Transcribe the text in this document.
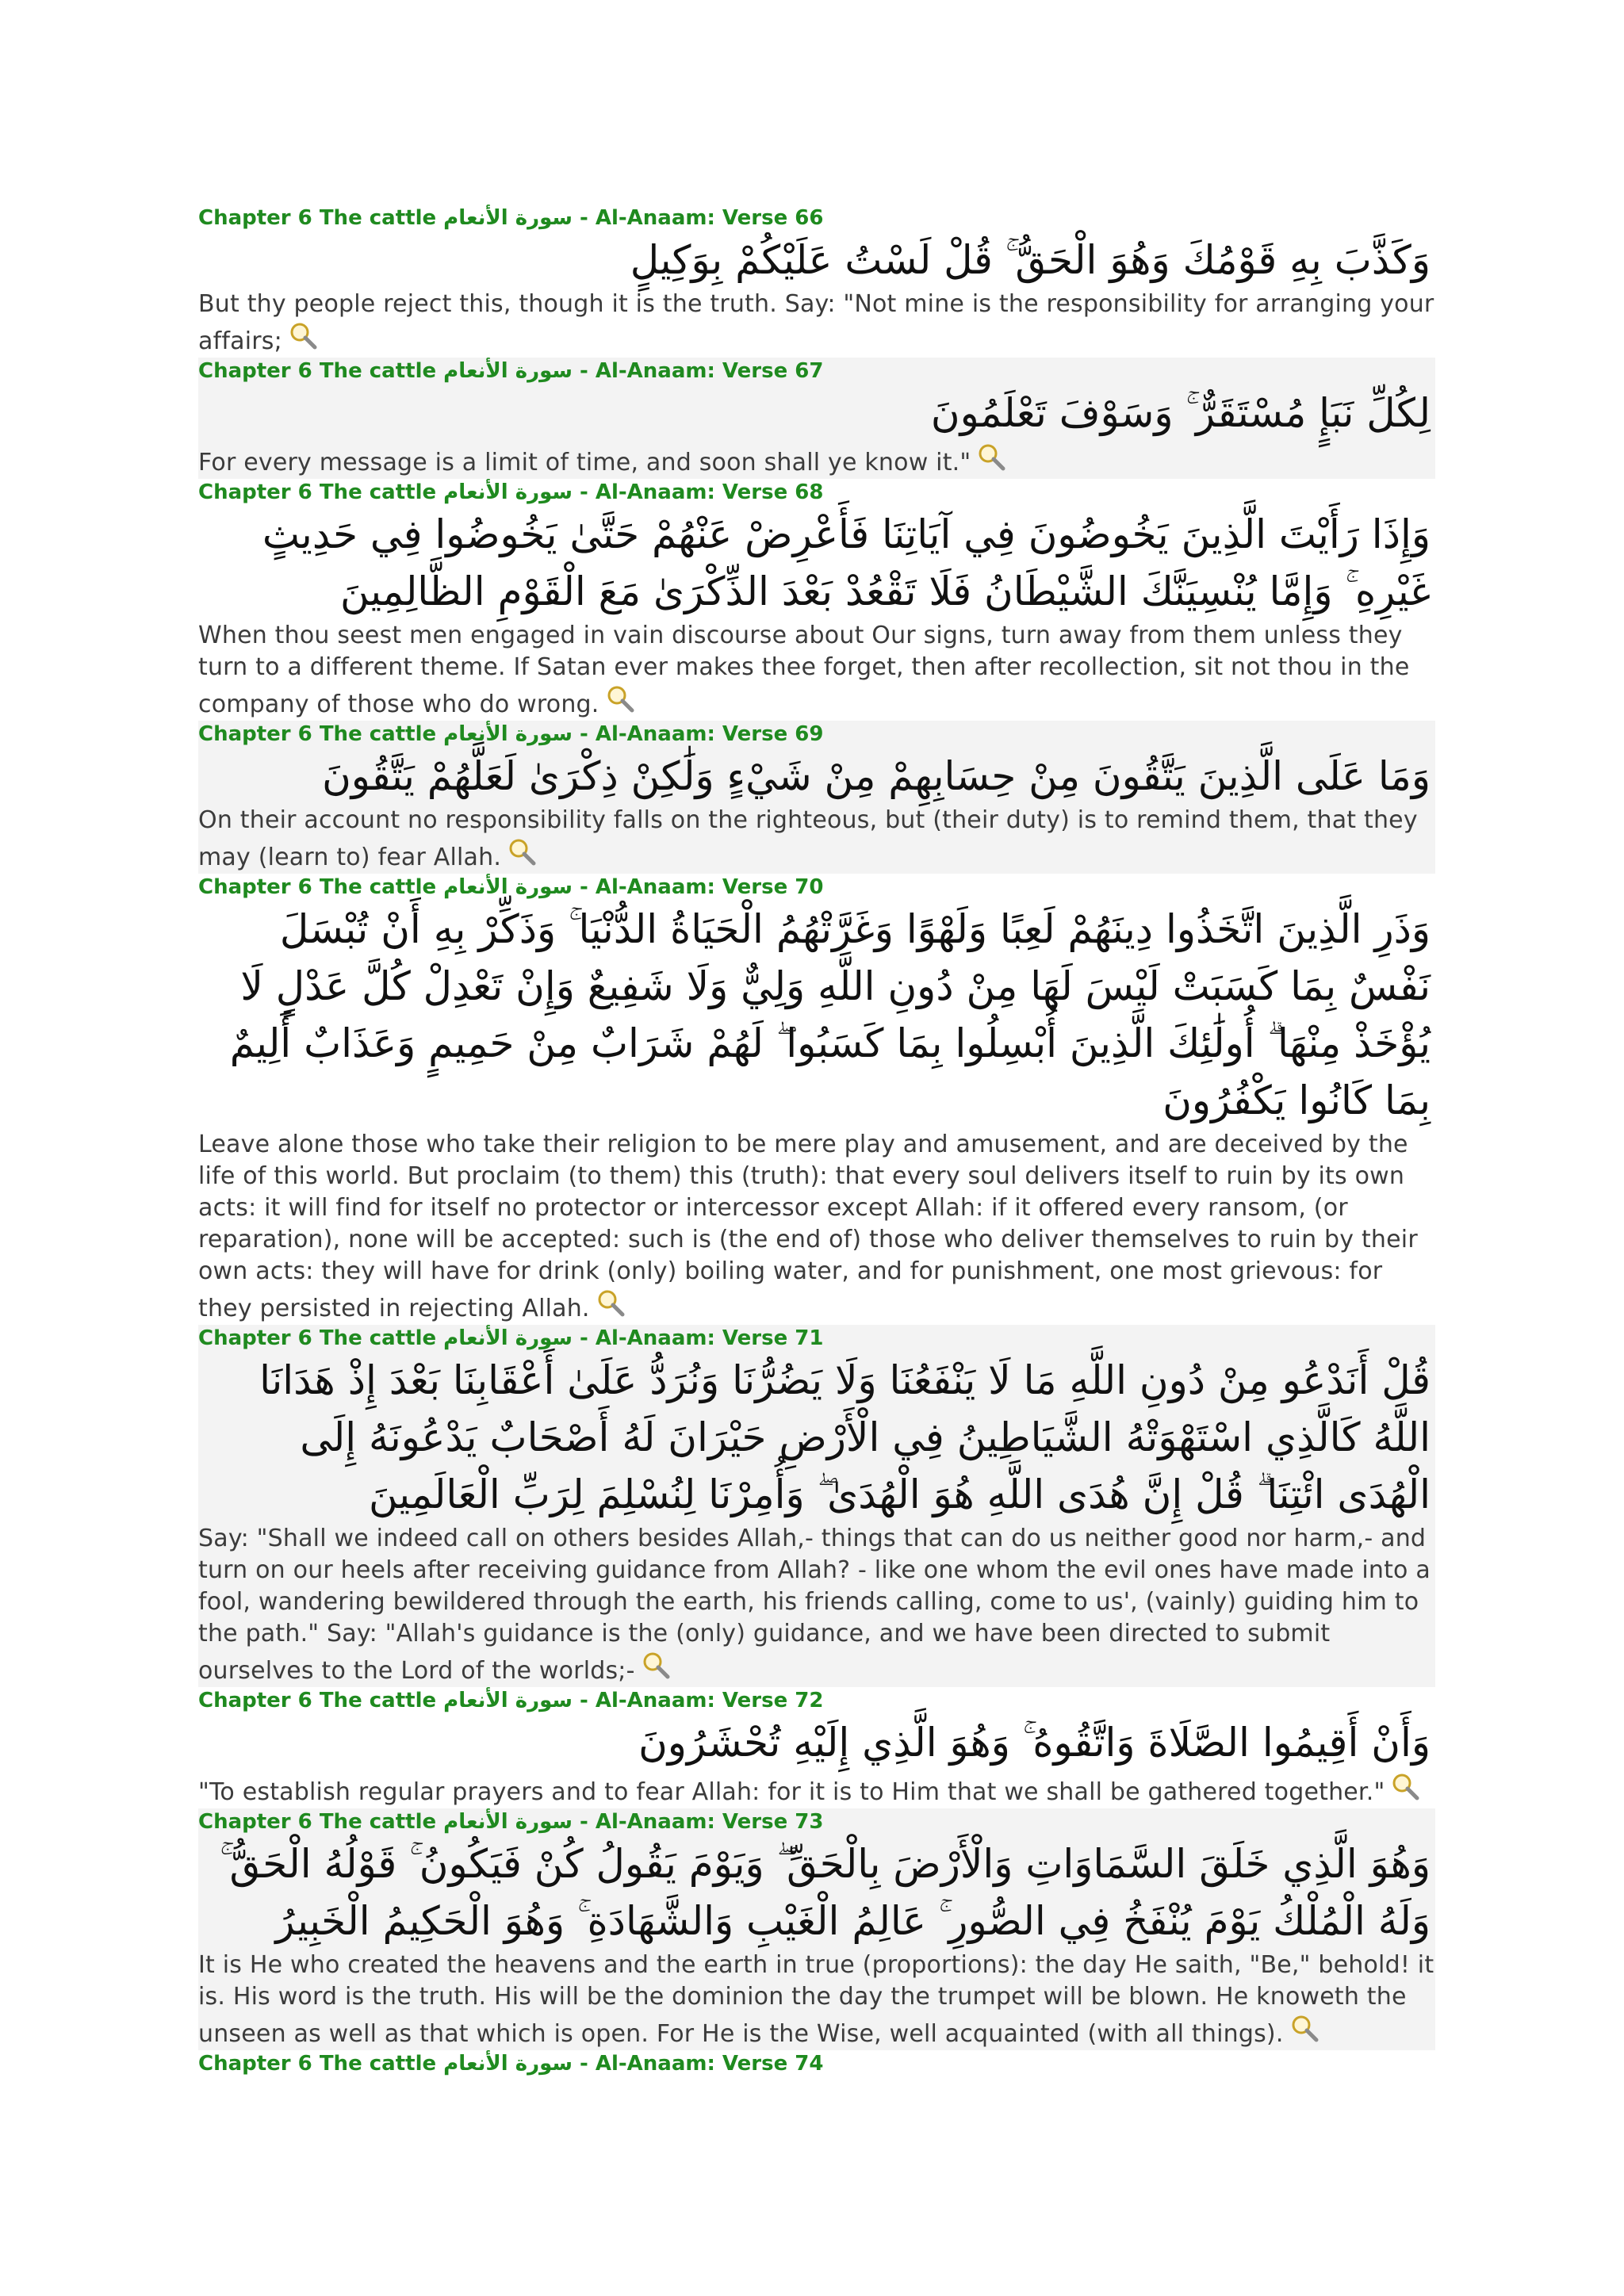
Chapter 6 The cattle سورة الأنعام - Al-Anaam: Verse 66
وَكَذَّبَ بِهِ قَوْمُكَ وَهُوَ الْحَقُّ ۚ قُلْ لَسْتُ عَلَيْكُمْ بِوَكِيلٍ
But thy people reject this, though it is the truth. Say: "Not mine is the responsibility for arranging your affairs;
Chapter 6 The cattle سورة الأنعام - Al-Anaam: Verse 67
لِكُلِّ نَبَإٍ مُسْتَقَرٌّ ۚ وَسَوْفَ تَعْلَمُونَ
For every message is a limit of time, and soon shall ye know it."
Chapter 6 The cattle سورة الأنعام - Al-Anaam: Verse 68
وَإِذَا رَأَيْتَ الَّذِينَ يَخُوضُونَ فِي آيَاتِنَا فَأَعْرِضْ عَنْهُمْ حَتَّىٰ يَخُوضُوا فِي حَدِيثٍ غَيْرِهِ ۚ وَإِمَّا يُنْسِيَنَّكَ الشَّيْطَانُ فَلَا تَقْعُدْ بَعْدَ الذِّكْرَىٰ مَعَ الْقَوْمِ الظَّالِمِينَ
When thou seest men engaged in vain discourse about Our signs, turn away from them unless they turn to a different theme. If Satan ever makes thee forget, then after recollection, sit not thou in the company of those who do wrong.
Chapter 6 The cattle سورة الأنعام - Al-Anaam: Verse 69
وَمَا عَلَى الَّذِينَ يَتَّقُونَ مِنْ حِسَابِهِمْ مِنْ شَيْءٍ وَلَٰكِنْ ذِكْرَىٰ لَعَلَّهُمْ يَتَّقُونَ
On their account no responsibility falls on the righteous, but (their duty) is to remind them, that they may (learn to) fear Allah.
Chapter 6 The cattle سورة الأنعام - Al-Anaam: Verse 70
وَذَرِ الَّذِينَ اتَّخَذُوا دِينَهُمْ لَعِبًا وَلَهْوًا وَغَرَّتْهُمُ الْحَيَاةُ الدُّنْيَا ۚ وَذَكِّرْ بِهِ أَنْ تُبْسَلَ نَفْسٌ بِمَا كَسَبَتْ لَيْسَ لَهَا مِنْ دُونِ اللَّهِ وَلِيٌّ وَلَا شَفِيعٌ وَإِنْ تَعْدِلْ كُلَّ عَدْلٍ لَا يُؤْخَذْ مِنْهَا ۗ أُولَٰئِكَ الَّذِينَ أُبْسِلُوا بِمَا كَسَبُوا ۖ لَهُمْ شَرَابٌ مِنْ حَمِيمٍ وَعَذَابٌ أَلِيمٌ بِمَا كَانُوا يَكْفُرُونَ
Leave alone those who take their religion to be mere play and amusement, and are deceived by the life of this world. But proclaim (to them) this (truth): that every soul delivers itself to ruin by its own acts: it will find for itself no protector or intercessor except Allah: if it offered every ransom, (or reparation), none will be accepted: such is (the end of) those who deliver themselves to ruin by their own acts: they will have for drink (only) boiling water, and for punishment, one most grievous: for they persisted in rejecting Allah.
Chapter 6 The cattle سورة الأنعام - Al-Anaam: Verse 71
قُلْ أَنَدْعُو مِنْ دُونِ اللَّهِ مَا لَا يَنْفَعُنَا وَلَا يَضُرُّنَا وَنُرَدُّ عَلَىٰ أَعْقَابِنَا بَعْدَ إِذْ هَدَانَا اللَّهُ كَالَّذِي اسْتَهْوَتْهُ الشَّيَاطِينُ فِي الْأَرْضِ حَيْرَانَ لَهُ أَصْحَابٌ يَدْعُونَهُ إِلَى الْهُدَى ائْتِنَا ۗ قُلْ إِنَّ هُدَى اللَّهِ هُوَ الْهُدَىٰ ۖ وَأُمِرْنَا لِنُسْلِمَ لِرَبِّ الْعَالَمِينَ
Say: "Shall we indeed call on others besides Allah,- things that can do us neither good nor harm,- and turn on our heels after receiving guidance from Allah? - like one whom the evil ones have made into a fool, wandering bewildered through the earth, his friends calling, come to us', (vainly) guiding him to the path." Say: "Allah's guidance is the (only) guidance, and we have been directed to submit ourselves to the Lord of the worlds;-
Chapter 6 The cattle سورة الأنعام - Al-Anaam: Verse 72
وَأَنْ أَقِيمُوا الصَّلَاةَ وَاتَّقُوهُ ۚ وَهُوَ الَّذِي إِلَيْهِ تُحْشَرُونَ
"To establish regular prayers and to fear Allah: for it is to Him that we shall be gathered together."
Chapter 6 The cattle سورة الأنعام - Al-Anaam: Verse 73
وَهُوَ الَّذِي خَلَقَ السَّمَاوَاتِ وَالْأَرْضَ بِالْحَقِّ ۖ وَيَوْمَ يَقُولُ كُنْ فَيَكُونُ ۚ قَوْلُهُ الْحَقُّ ۚ وَلَهُ الْمُلْكُ يَوْمَ يُنْفَخُ فِي الصُّورِ ۚ عَالِمُ الْغَيْبِ وَالشَّهَادَةِ ۚ وَهُوَ الْحَكِيمُ الْخَبِيرُ
It is He who created the heavens and the earth in true (proportions): the day He saith, "Be," behold! it is. His word is the truth. His will be the dominion the day the trumpet will be blown. He knoweth the unseen as well as that which is open. For He is the Wise, well acquainted (with all things).
Chapter 6 The cattle سورة الأنعام - Al-Anaam: Verse 74
